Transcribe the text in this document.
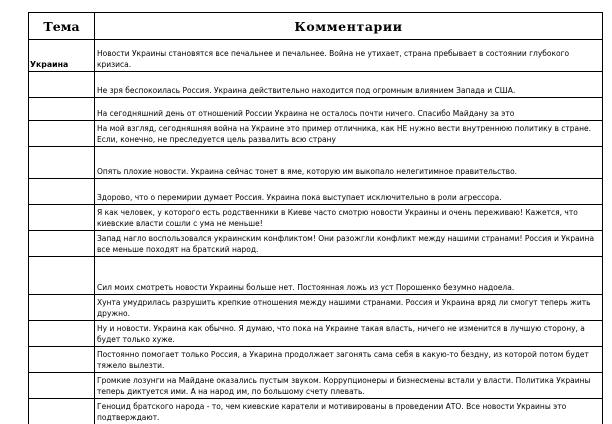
Тема	Комментарии
Украина	Новости Украины становятся все печальнее и печальнее. Война не утихает, страна пребывает в состоянии глубокого кризиса.
	Не зря беспокоилась Россия. Украина действительно находится под огромным влиянием Запада и США.
	На сегодняшний день от отношений России Украина не осталось почти ничего. Спасибо Майдану за это
	На мой взгляд, сегодняшняя война на Украине это пример отличника, как НЕ нужно вести внутреннюю политику в стране. Если, конечно, не преследуется цель развалить всю страну
	Опять плохие новости. Украина сейчас тонет в яме, которую им выкопало нелегитимное правительство.
	Здорово, что о перемирии думает Россия. Украина пока выступает исключительно в роли агрессора.
	Я как человек, у которого есть родственники в Киеве часто смотрю новости Украины и очень переживаю! Кажется, что киевские власти сошли с ума не меньше!
	Запад нагло воспользовался украинским конфликтом! Они разожгли конфликт между нашими странами! Россия и Украина все меньше походят на братский народ.
	Сил моих смотреть новости Украины больше нет. Постоянная ложь из уст Порошенко безумно надоела.
	Хунта умудрилась разрушить крепкие отношения между нашими странами. Россия и Украина вряд ли смогут теперь жить дружно.
	Ну и новости. Украина как обычно. Я думаю, что пока на Украине такая власть, ничего не изменится в лучшую сторону, а будет только хуже.
	Постоянно помогает только Россия, а Укарина продолжает загонять сама себя в какую-то бездну, из которой потом будет тяжело вылезти.
	Громкие лозунги на Майдане оказались пустым звуком. Коррупционеры и бизнесмены встали у власти. Политика Украины теперь диктуется ими. А на народ им, по большому счету плевать.
	Геноцид братского народа - то, чем киевские каратели и мотивированы в проведении АТО. Все новости Украины это подтверждают.
